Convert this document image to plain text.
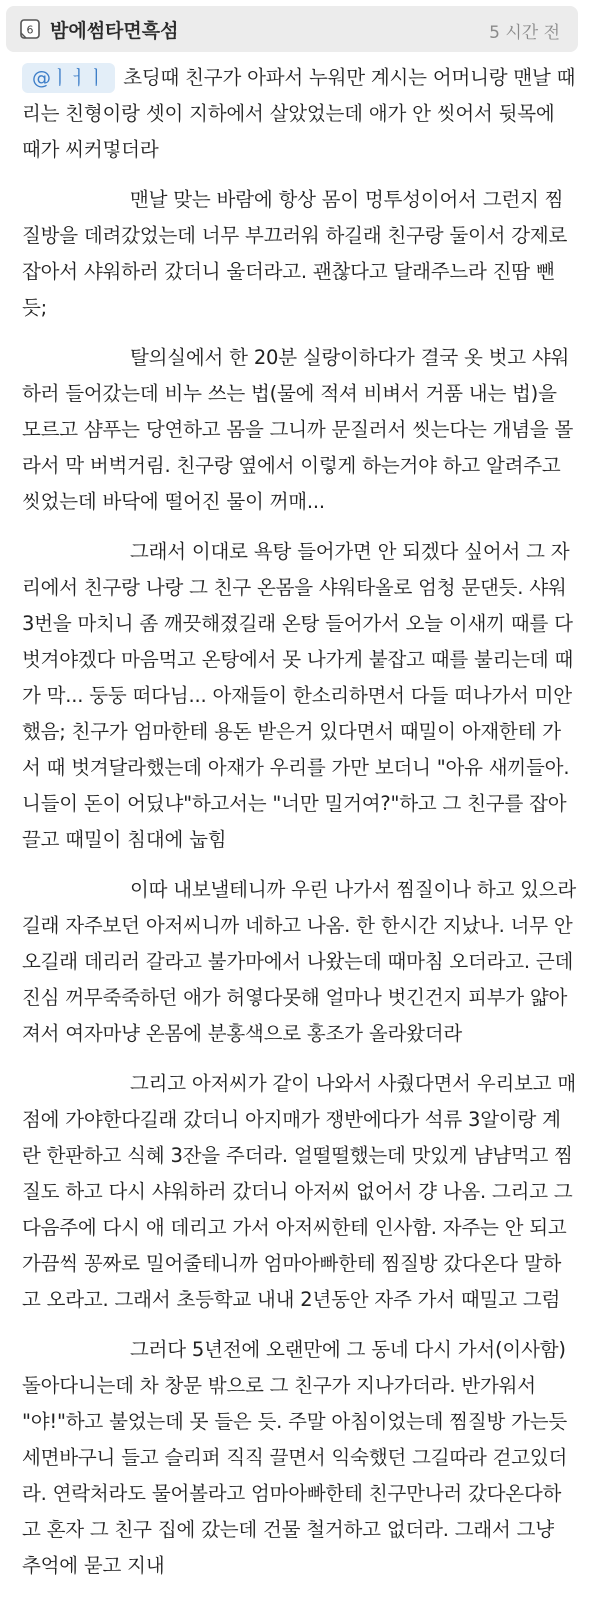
6 밤에썸타면흑섬	5 시간 전

@ㅣㅓㅣ 초딩때 친구가 아파서 누워만 계시는 어머니랑 맨날 때리는 친형이랑 셋이 지하에서 살았었는데 애가 안 씻어서 뒷목에 때가 씨커멓더라

맨날 맞는 바람에 항상 몸이 멍투성이어서 그런지 찜질방을 데려갔었는데 너무 부끄러워 하길래 친구랑 둘이서 강제로 잡아서 샤워하러 갔더니 울더라고. 괜찮다고 달래주느라 진땀 뺀듯;

탈의실에서 한 20분 실랑이하다가 결국 옷 벗고 샤워하러 들어갔는데 비누 쓰는 법(물에 적셔 비벼서 거품 내는 법)을 모르고 샴푸는 당연하고 몸을 그니까 문질러서 씻는다는 개념을 몰라서 막 버벅거림. 친구랑 옆에서 이렇게 하는거야 하고 알려주고 씻었는데 바닥에 떨어진 물이 꺼매...

그래서 이대로 욕탕 들어가면 안 되겠다 싶어서 그 자리에서 친구랑 나랑 그 친구 온몸을 샤워타올로 엄청 문댄듯. 샤워 3번을 마치니 좀 깨끗해졌길래 온탕 들어가서 오늘 이새끼 때를 다 벗겨야겠다 마음먹고 온탕에서 못 나가게 붙잡고 때를 불리는데 때가 막... 둥둥 떠다님... 아재들이 한소리하면서 다들 떠나가서 미안했음; 친구가 엄마한테 용돈 받은거 있다면서 때밀이 아재한테 가서 때 벗겨달라했는데 아재가 우리를 가만 보더니 "아유 새끼들아. 니들이 돈이 어딨냐"하고서는 "너만 밀거여?"하고 그 친구를 잡아 끌고 때밀이 침대에 눕힘

이따 내보낼테니까 우린 나가서 찜질이나 하고 있으라길래 자주보던 아저씨니까 네하고 나옴. 한 한시간 지났나. 너무 안 오길래 데리러 갈라고 불가마에서 나왔는데 때마침 오더라고. 근데 진심 꺼무죽죽하던 애가 허옇다못해 얼마나 벗긴건지 피부가 얇아져서 여자마냥 온몸에 분홍색으로 홍조가 올라왔더라

그리고 아저씨가 같이 나와서 사줬다면서 우리보고 매점에 가야한다길래 갔더니 아지매가 쟁반에다가 석류 3알이랑 계란 한판하고 식혜 3잔을 주더라. 얼떨떨했는데 맛있게 냠냠먹고 찜질도 하고 다시 샤워하러 갔더니 아저씨 없어서 걍 나옴. 그리고 그 다음주에 다시 애 데리고 가서 아저씨한테 인사함. 자주는 안 되고 가끔씩 꽁짜로 밀어줄테니까 엄마아빠한테 찜질방 갔다온다 말하고 오라고. 그래서 초등학교 내내 2년동안 자주 가서 때밀고 그럼

그러다 5년전에 오랜만에 그 동네 다시 가서(이사함) 돌아다니는데 차 창문 밖으로 그 친구가 지나가더라. 반가워서 "야!"하고 불었는데 못 들은 듯. 주말 아침이었는데 찜질방 가는듯 세면바구니 들고 슬리퍼 직직 끌면서 익숙했던 그길따라 걷고있더라. 연락처라도 물어볼라고 엄마아빠한테 친구만나러 갔다온다하고 혼자 그 친구 집에 갔는데 건물 철거하고 없더라. 그래서 그냥 추억에 묻고 지내
